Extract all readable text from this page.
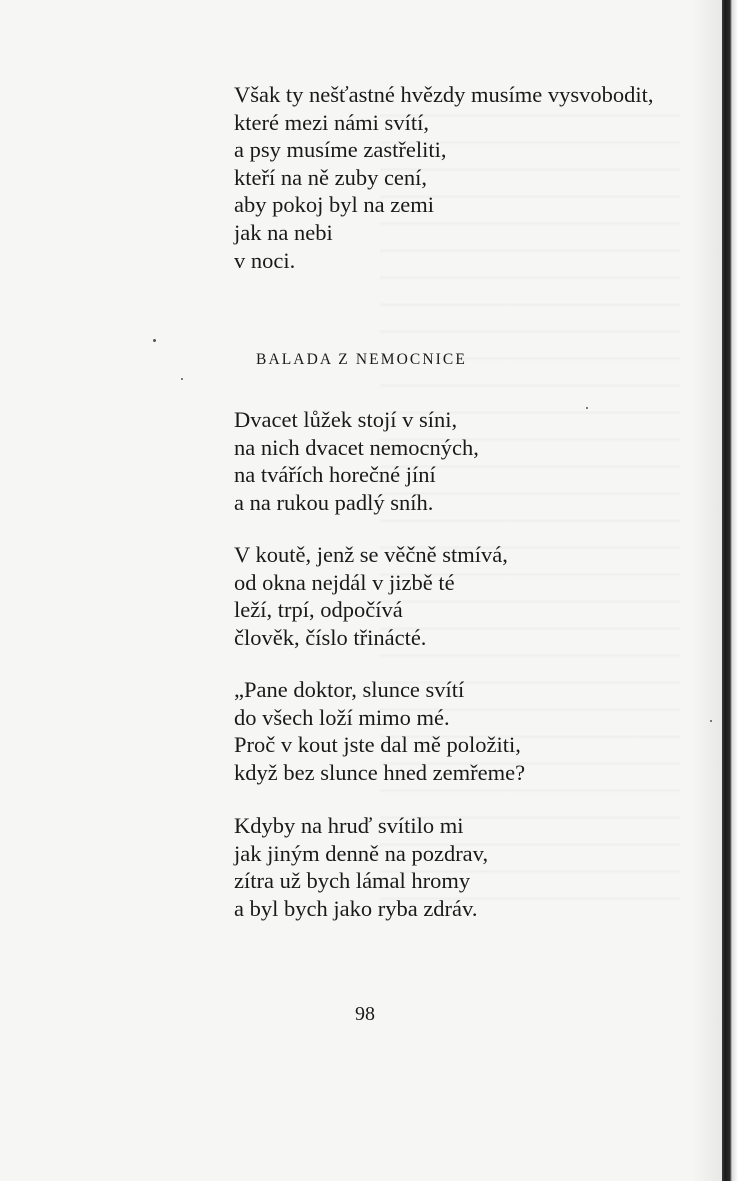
Však ty nešťastné hvězdy musíme vysvobodit,
které mezi námi svítí,
a psy musíme zastřeliti,
kteří na ně zuby cení,
aby pokoj byl na zemi
jak na nebi
v noci.
BALADA Z NEMOCNICE
Dvacet lůžek stojí v síni,
na nich dvacet nemocných,
na tvářích horečné jíní
a na rukou padlý sníh.
V koutě, jenž se věčně stmívá,
od okna nejdál v jizbě té
leží, trpí, odpočívá
člověk, číslo třinácté.
„Pane doktor, slunce svítí
do všech loží mimo mé.
Proč v kout jste dal mě položiti,
když bez slunce hned zemřeme?
Kdyby na hruď svítilo mi
jak jiným denně na pozdrav,
zítra už bych lámal hromy
a byl bych jako ryba zdráv.
98
